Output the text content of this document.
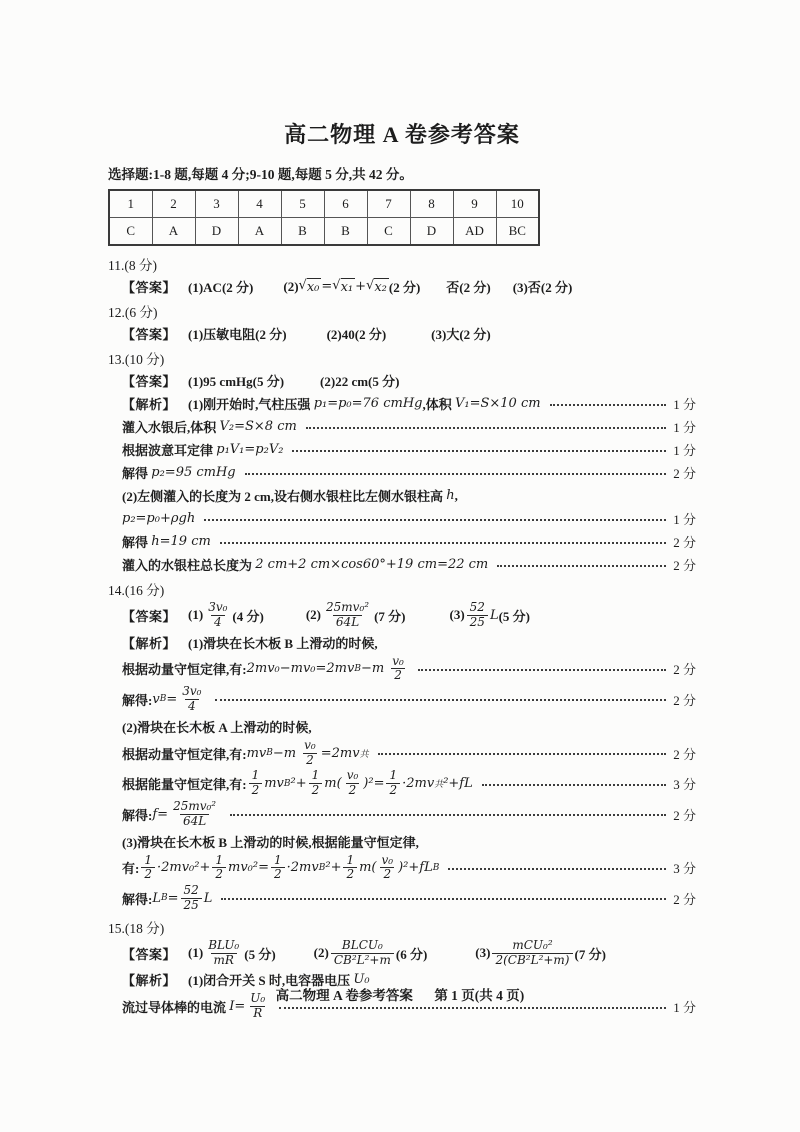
高二物理 A 卷参考答案
选择题:1-8 题,每题 4 分;9-10 题,每题 5 分,共 42 分。
1	2	3	4	5	6	7	8	9	10
C	A	D	A	B	B	C	D	AD	BC
11.(8 分)
【答案】 (1)AC(2 分) (2) √ x₀ = √ x₁ + √ x₂ (2 分) 否(2 分) (3)否(2 分)
12.(6 分)
【答案】 (1)压敏电阻(2 分)	(2)40(2 分)	(3)大(2 分)
13.(10 分)
【答案】 (1)95 cmHg(5 分)	(2)22 cm(5 分)
【解析】 (1)刚开始时,气柱压强 p₁=p₀=76 cmHg ,体积 V₁=S×10 cm	1 分
灌入水银后,体积 V₂=S×8 cm	1 分
根据波意耳定律 p₁V₁=p₂V₂	1 分
解得 p₂=95 cmHg	2 分
(2)左侧灌入的长度为 2 cm,设右侧水银柱比左侧水银柱高 h ,
p₂=p₀+ρgh	1 分
解得 h=19 cm	2 分
灌入的水银柱总长度为 2 cm+2 cm×cos60°+19 cm=22 cm	2 分
14.(16 分)
【答案】 $(1) \frac{\text{3v₀}}{4} (4$ 分)	$(2) \frac{\text{25mv₀²}}{64L} (7$ 分)	$(3) \frac{52}{25}$ L (5 分)
【解析】 (1)滑块在长木板 B 上滑动的时候,
根据动量守恒定律,有: 2mv₀−mv₀=2mv $B -m \frac{\text{v₀}}{2}$	2 分
解得: v $B = \frac{\text{3v₀}}{4}$	2 分
(2)滑块在长木板 A 上滑动的时候,
根据动量守恒定律,有: mv $B -m \frac{\text{v₀}}{2} =2mv$ 共	2 分
根据能量守恒定律,有: $\frac{1}{2}$ mv B $^2+ \frac{1}{2} m( \frac{\text{v₀}}{2} )^2= \frac{1}{2} \cdot 2mv$ 共 ²+fL	3 分
解得: $f= \frac{\text{25mv₀²}}{64L}$	2 分
(3)滑块在长木板 B 上滑动的时候,根据能量守恒定律,
有: $\frac{1}{2} \cdot 2mv_0^2+ \frac{1}{2} mv_0^2= \frac{1}{2} \cdot 2mv$ B $^2+ \frac{1}{2} m( \frac{\text{v₀}}{2} )^2+fL$ B	3 分
解得: L $B = \frac{52}{25}$ L	2 分
15.(18 分)
【答案】 $(1) \frac{\text{BLU₀}}{mR} (5$ 分)	$(2) \frac{\text{BLCU₀}}{\text{CB²L²+m}} (6$ 分)	$(3) \frac{\text{mCU₀²}}{\text{2(CB²L²+m)}} (7$ 分)
【解析】 (1)闭合开关 S 时,电容器电压 U₀
流过导体棒的电流 $I= \frac{\text{U₀}}{R}$	1 分
高二物理 A 卷参考答案 第 1 页(共 4 页)
